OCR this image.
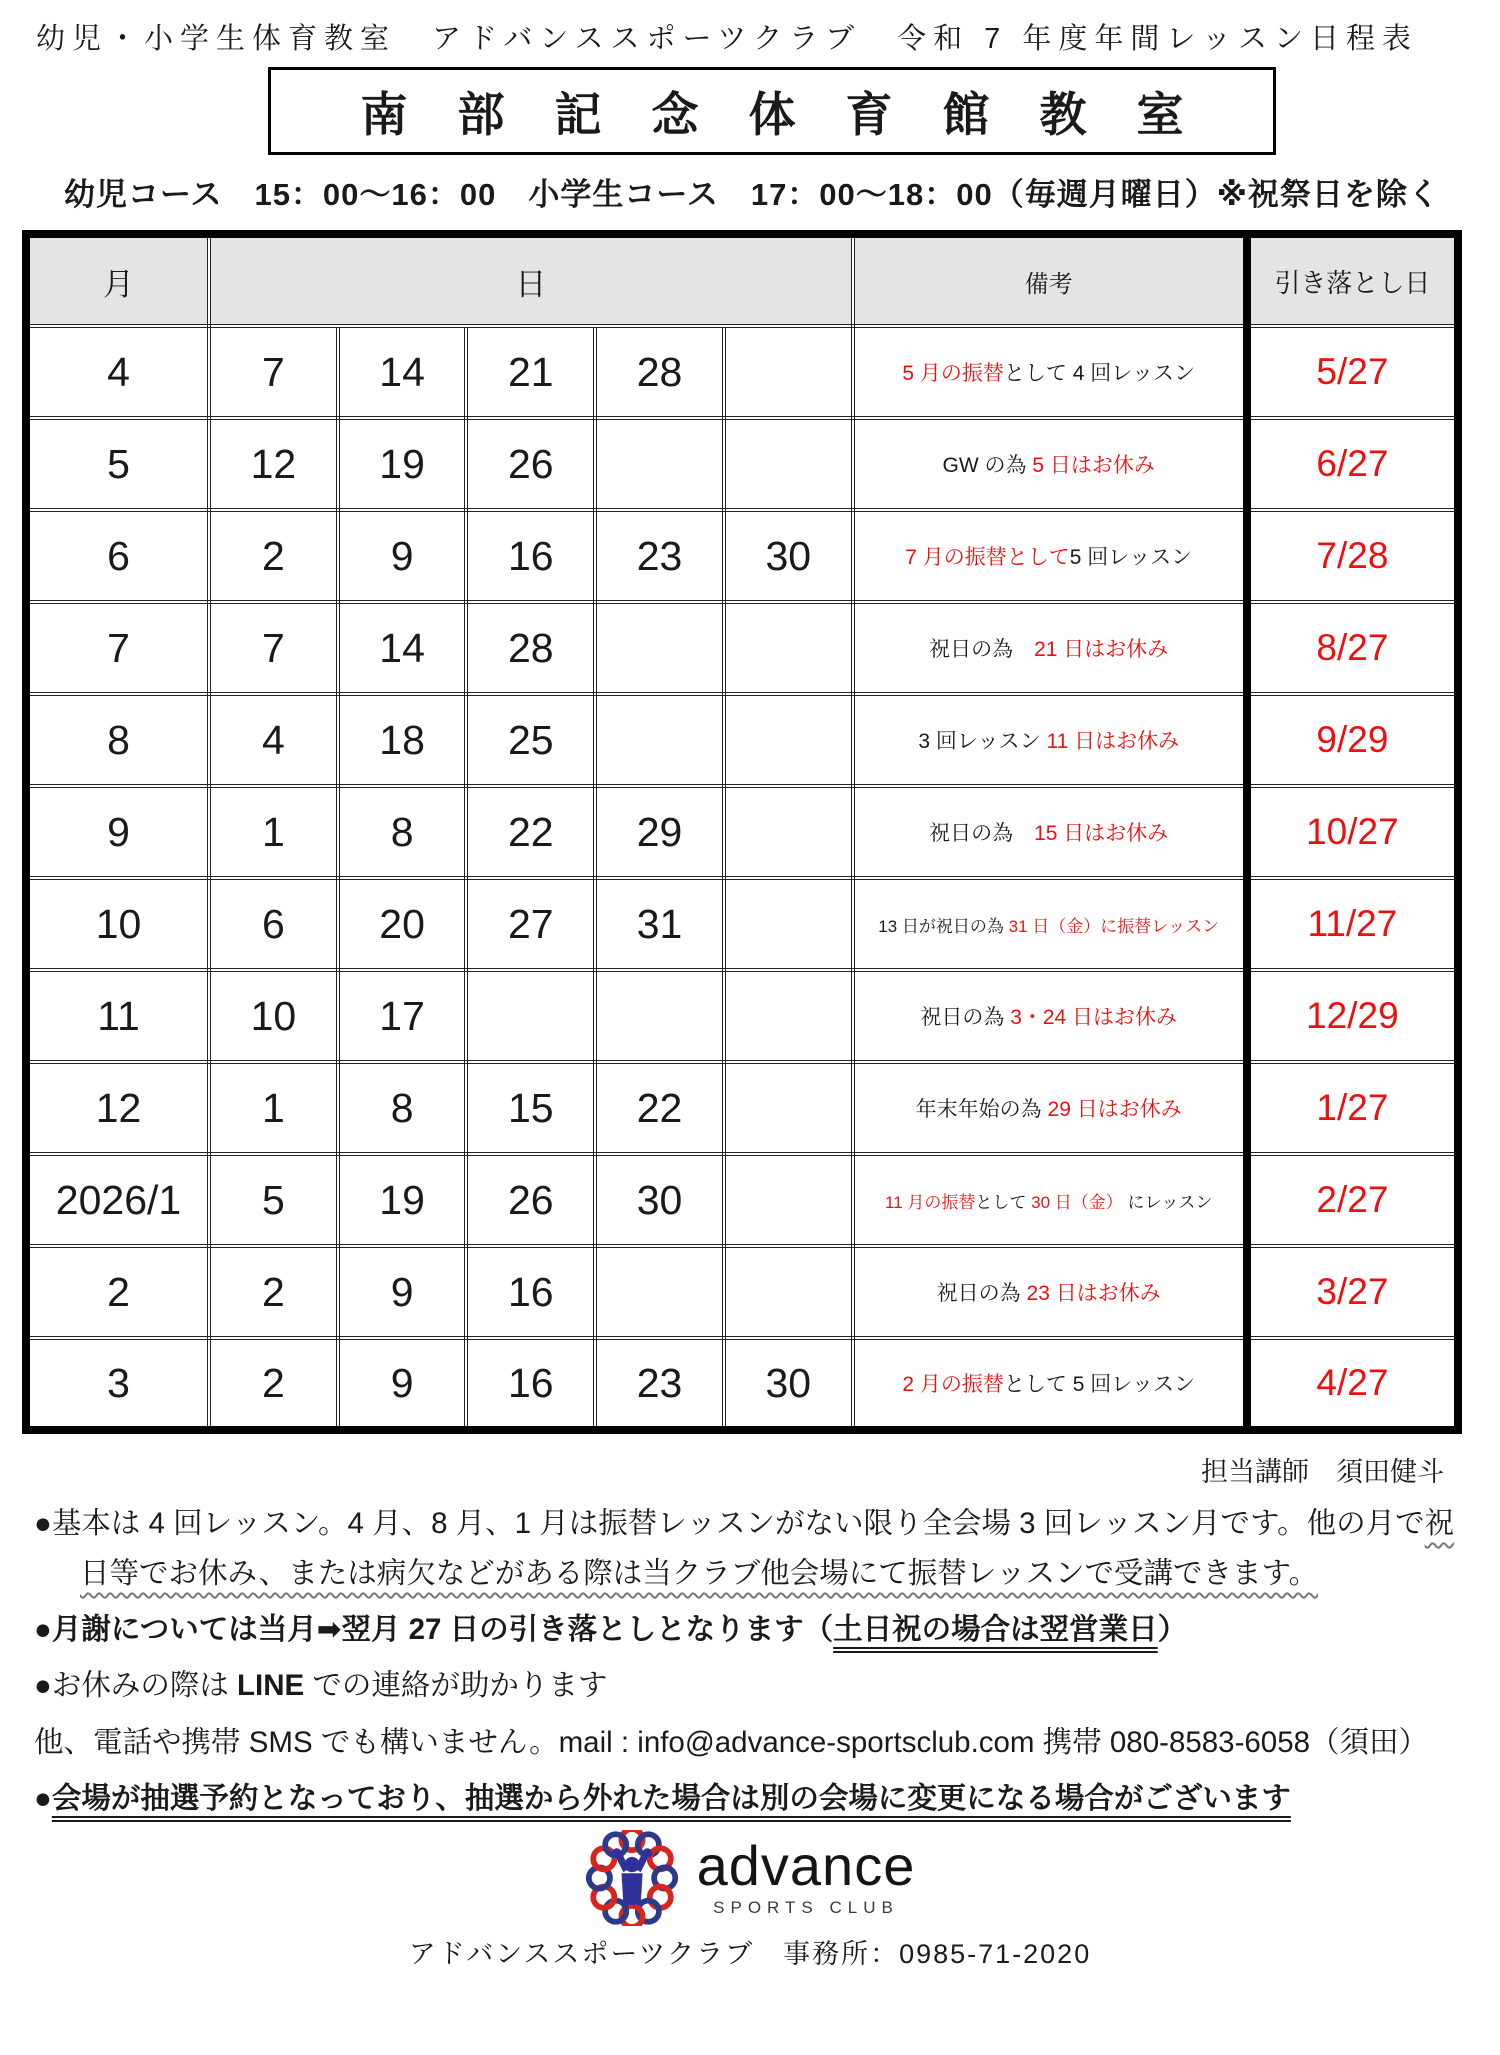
幼児・小学生体育教室　アドバンススポーツクラブ　令和 7 年度年間レッスン日程表
南部記念体育館教室
幼児コース　15：00～16：00　小学生コース　17：00～18：00（毎週月曜日）※祝祭日を除く
月	日					備考	引き落とし日
4	7	14	21	28		5 月の振替として 4 回レッスン	5/27
5	12	19	26			GW の為 5 日はお休み	6/27
6	2	9	16	23	30	7 月の振替として5 回レッスン	7/28
7	7	14	28			祝日の為　21 日はお休み	8/27
8	4	18	25			3 回レッスン 11 日はお休み	9/29
9	1	8	22	29		祝日の為　15 日はお休み	10/27
10	6	20	27	31		13 日が祝日の為 31 日（金）に振替レッスン	11/27
11	10	17				祝日の為 3・24 日はお休み	12/29
12	1	8	15	22		年末年始の為 29 日はお休み	1/27
2026/1	5	19	26	30		11 月の振替として 30 日（金） にレッスン	2/27
2	2	9	16			祝日の為 23 日はお休み	3/27
3	2	9	16	23	30	2 月の振替として 5 回レッスン	4/27
担当講師　須田健斗

●基本は 4 回レッスン。4 月、8 月、1 月は振替レッスンがない限り全会場 3 回レッスン月です。他の月で祝日等でお休み、または病欠などがある際は当クラブ他会場にて振替レッスンで受講できます。

●月謝については当月➡翌月 27 日の引き落としとなります（土日祝の場合は翌営業日）

●お休みの際は LINE での連絡が助かります

他、電話や携帯 SMS でも構いません。mail : info@advance-sportsclub.com 携帯 080-8583-6058（須田）

●会場が抽選予約となっており、抽選から外れた場合は別の会場に変更になる場合がございます

advance
SPORTS CLUB
アドバンススポーツクラブ　事務所：0985-71-2020
